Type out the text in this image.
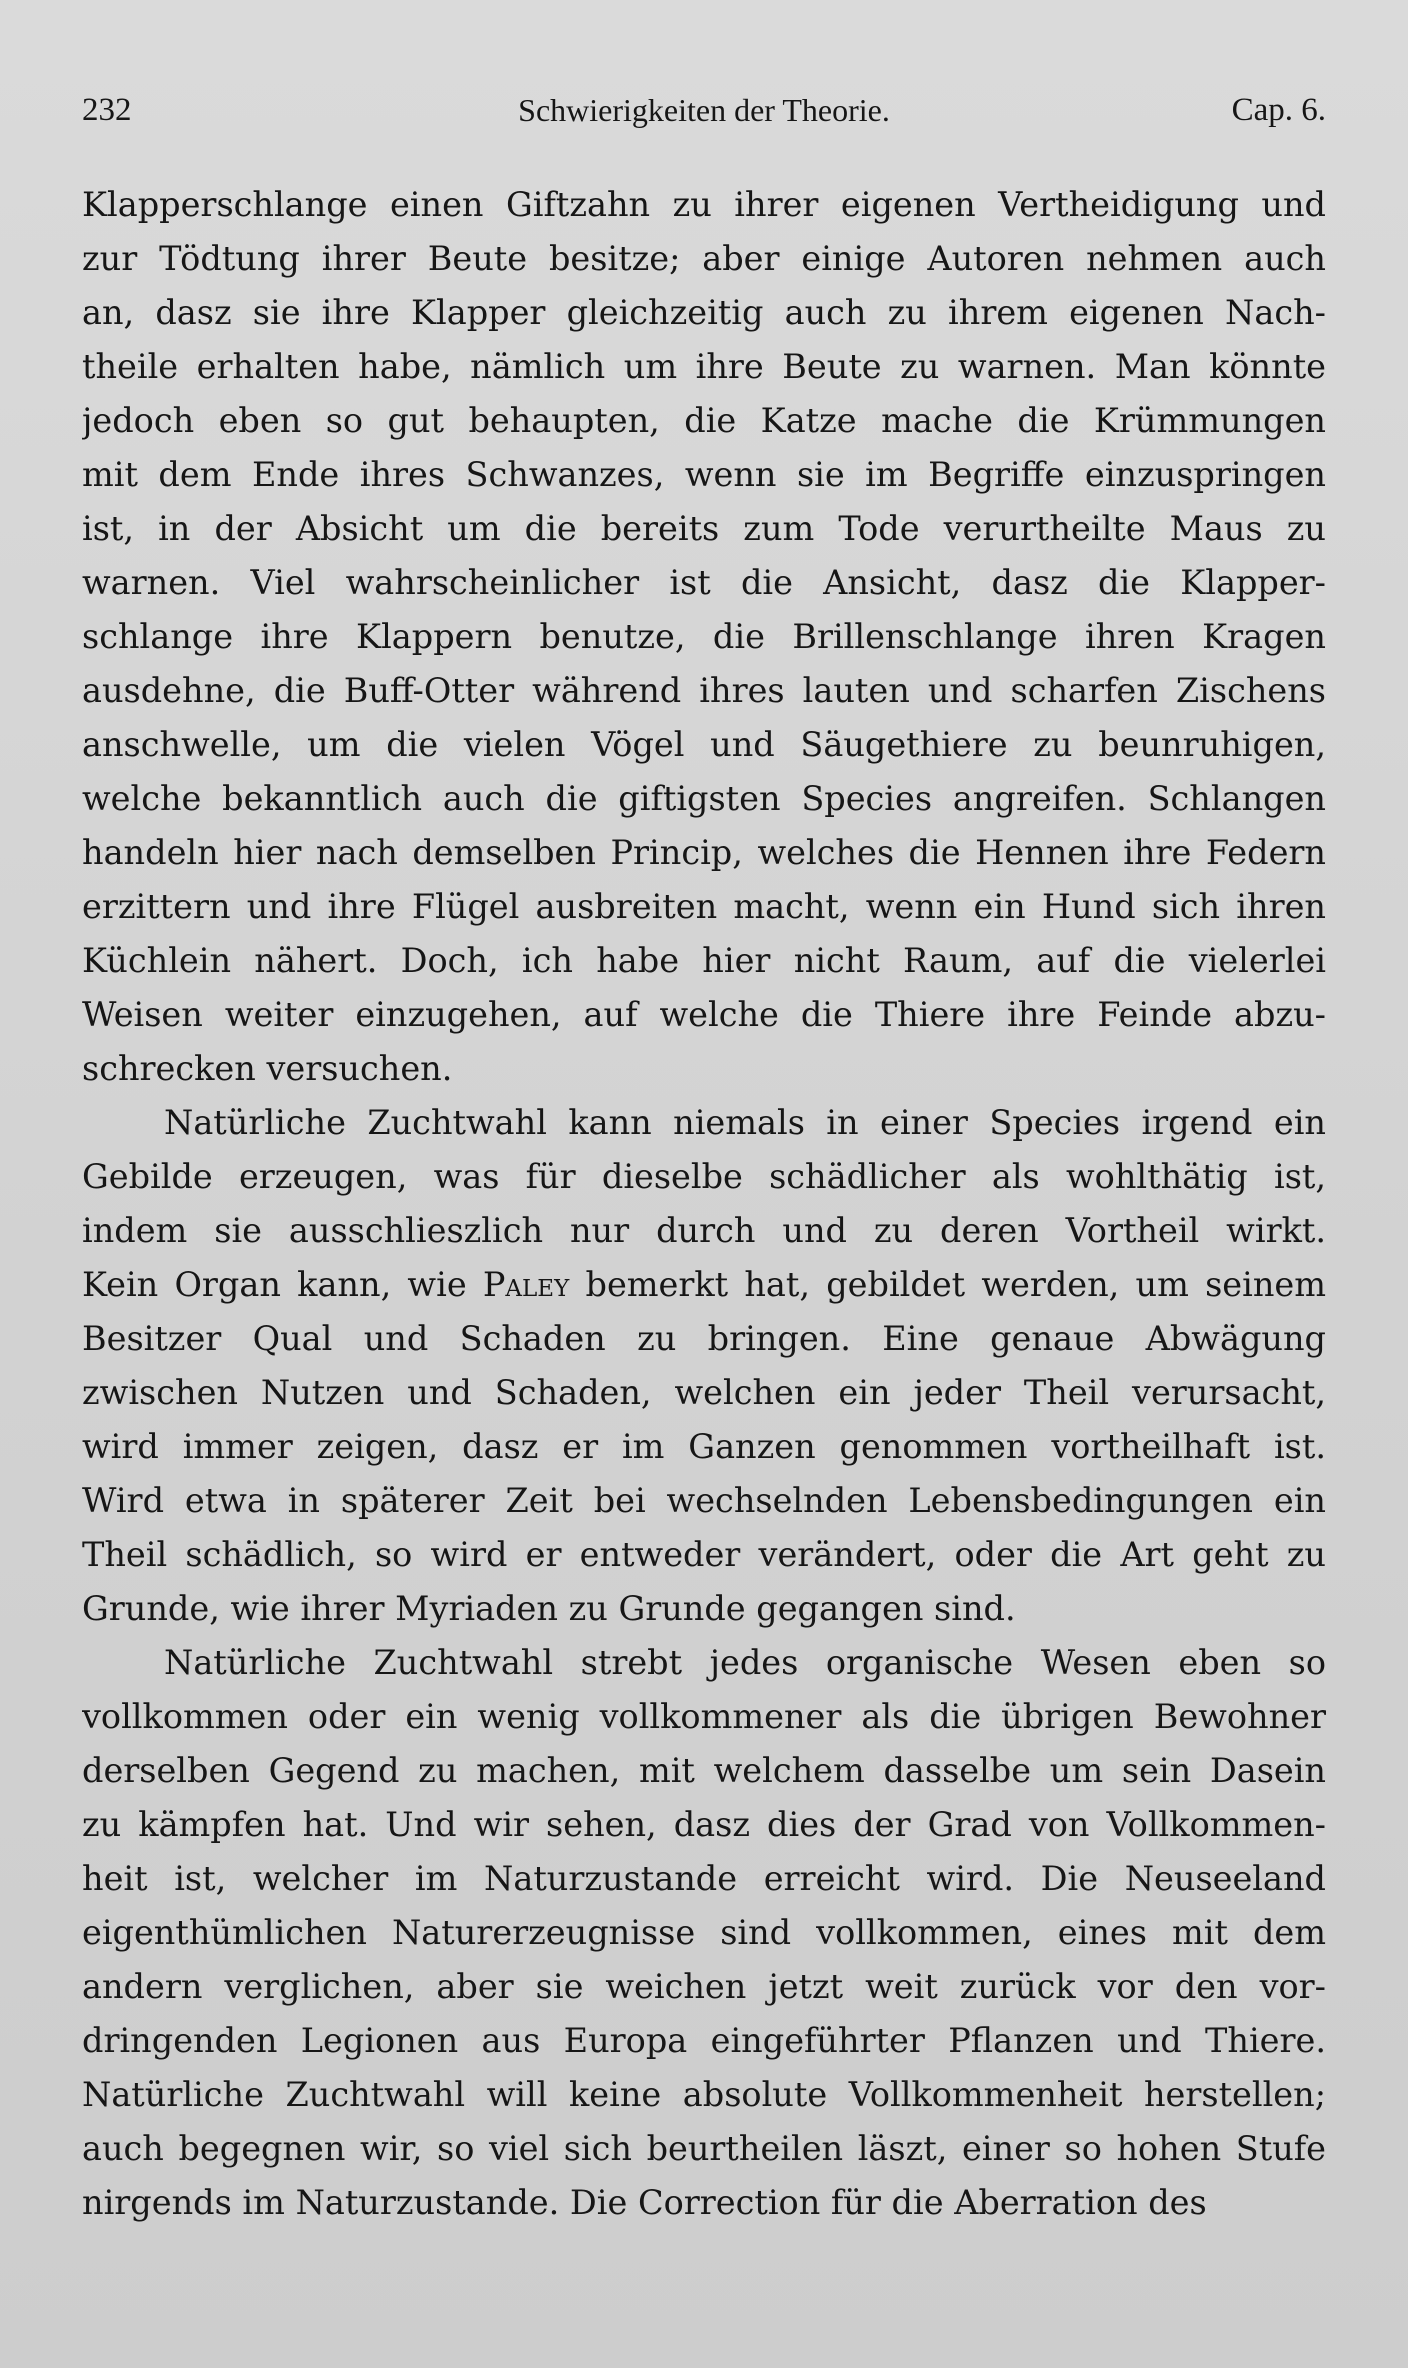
232	Schwierigkeiten der Theorie.	Cap. 6.
Klapperschlange einen Giftzahn zu ihrer eigenen Vertheidigung und
zur Tödtung ihrer Beute besitze; aber einige Autoren nehmen auch
an, dasz sie ihre Klapper gleichzeitig auch zu ihrem eigenen Nach-
theile erhalten habe, nämlich um ihre Beute zu warnen. Man könnte
jedoch eben so gut behaupten, die Katze mache die Krümmungen
mit dem Ende ihres Schwanzes, wenn sie im Begriffe einzuspringen
ist, in der Absicht um die bereits zum Tode verurtheilte Maus zu
warnen. Viel wahrscheinlicher ist die Ansicht, dasz die Klapper-
schlange ihre Klappern benutze, die Brillenschlange ihren Kragen
ausdehne, die Buff-Otter während ihres lauten und scharfen Zischens
anschwelle, um die vielen Vögel und Säugethiere zu beunruhigen,
welche bekanntlich auch die giftigsten Species angreifen. Schlangen
handeln hier nach demselben Princip, welches die Hennen ihre Federn
erzittern und ihre Flügel ausbreiten macht, wenn ein Hund sich ihren
Küchlein nähert. Doch, ich habe hier nicht Raum, auf die vielerlei
Weisen weiter einzugehen, auf welche die Thiere ihre Feinde abzu-
schrecken versuchen.
Natürliche Zuchtwahl kann niemals in einer Species irgend ein
Gebilde erzeugen, was für dieselbe schädlicher als wohlthätig ist,
indem sie ausschlieszlich nur durch und zu deren Vortheil wirkt.
Kein Organ kann, wie Paley bemerkt hat, gebildet werden, um seinem
Besitzer Qual und Schaden zu bringen. Eine genaue Abwägung
zwischen Nutzen und Schaden, welchen ein jeder Theil verursacht,
wird immer zeigen, dasz er im Ganzen genommen vortheilhaft ist.
Wird etwa in späterer Zeit bei wechselnden Lebensbedingungen ein
Theil schädlich, so wird er entweder verändert, oder die Art geht zu
Grunde, wie ihrer Myriaden zu Grunde gegangen sind.
Natürliche Zuchtwahl strebt jedes organische Wesen eben so
vollkommen oder ein wenig vollkommener als die übrigen Bewohner
derselben Gegend zu machen, mit welchem dasselbe um sein Dasein
zu kämpfen hat. Und wir sehen, dasz dies der Grad von Vollkommen-
heit ist, welcher im Naturzustande erreicht wird. Die Neuseeland
eigenthümlichen Naturerzeugnisse sind vollkommen, eines mit dem
andern verglichen, aber sie weichen jetzt weit zurück vor den vor-
dringenden Legionen aus Europa eingeführter Pflanzen und Thiere.
Natürliche Zuchtwahl will keine absolute Vollkommenheit herstellen;
auch begegnen wir, so viel sich beurtheilen läszt, einer so hohen Stufe
nirgends im Naturzustande. Die Correction für die Aberration des
